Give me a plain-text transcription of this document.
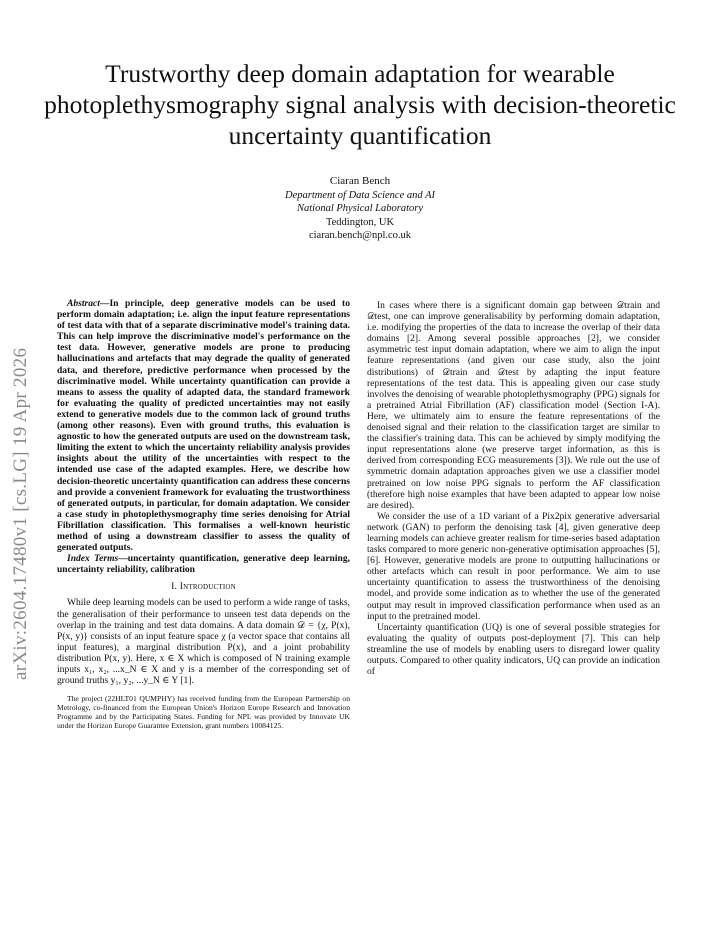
Trustworthy deep domain adaptation for wearable photoplethysmography signal analysis with decision-theoretic uncertainty quantification
Ciaran Bench
Department of Data Science and AI
National Physical Laboratory
Teddington, UK
ciaran.bench@npl.co.uk
arXiv:2604.17480v1 [cs.LG] 19 Apr 2026

Abstract—In principle, deep generative models can be used to perform domain adaptation; i.e. align the input feature representations of test data with that of a separate discriminative model's training data. This can help improve the discriminative model's performance on the test data. However, generative models are prone to producing hallucinations and artefacts that may degrade the quality of generated data, and therefore, predictive performance when processed by the discriminative model. While uncertainty quantification can provide a means to assess the quality of adapted data, the standard framework for evaluating the quality of predicted uncertainties may not easily extend to generative models due to the common lack of ground truths (among other reasons). Even with ground truths, this evaluation is agnostic to how the generated outputs are used on the downstream task, limiting the extent to which the uncertainty reliability analysis provides insights about the utility of the uncertainties with respect to the intended use case of the adapted examples. Here, we describe how decision-theoretic uncertainty quantification can address these concerns and provide a convenient framework for evaluating the trustworthiness of generated outputs, in particular, for domain adaptation. We consider a case study in photoplethysmography time series denoising for Atrial Fibrillation classification. This formalises a well-known heuristic method of using a downstream classifier to assess the quality of generated outputs.

Index Terms—uncertainty quantification, generative deep learning, uncertainty reliability, calibration

I. Introduction

While deep learning models can be used to perform a wide range of tasks, the generalisation of their performance to unseen test data depends on the overlap in the training and test data domains. A data domain 𝒟 = {χ, P(x), P(x, y)} consists of an input feature space χ (a vector space that contains all input features), a marginal distribution P(x), and a joint probability distribution P(x, y). Here, x ∈ X which is composed of N training example inputs x₁, x₂, ...x_N ∈ X and y is a member of the corresponding set of ground truths y₁, y₂, ...y_N ∈ Y [1].

The project (22HLT01 QUMPHY) has received funding from the European Partnership on Metrology, co-financed from the European Union's Horizon Europe Research and Innovation Programme and by the Participating States. Funding for NPL was provided by Innovate UK under the Horizon Europe Guarantee Extension, grant numbers 10084125.

In cases where there is a significant domain gap between 𝒟train and 𝒟test, one can improve generalisability by performing domain adaptation, i.e. modifying the properties of the data to increase the overlap of their data domains [2]. Among several possible approaches [2], we consider asymmetric test input domain adaptation, where we aim to align the input feature representations (and given our case study, also the joint distributions) of 𝒟train and 𝒟test by adapting the input feature representations of the test data. This is appealing given our case study involves the denoising of wearable photoplethysmography (PPG) signals for a pretrained Atrial Fibrillation (AF) classification model (Section I-A). Here, we ultimately aim to ensure the feature representations of the denoised signal and their relation to the classification target are similar to the classifier's training data. This can be achieved by simply modifying the input representations alone (we preserve target information, as this is derived from corresponding ECG measurements [3]). We rule out the use of symmetric domain adaptation approaches given we use a classifier model pretrained on low noise PPG signals to perform the AF classification (therefore high noise examples that have been adapted to appear low noise are desired).

We consider the use of a 1D variant of a Pix2pix generative adversarial network (GAN) to perform the denoising task [4], given generative deep learning models can achieve greater realism for time-series based adaptation tasks compared to more generic non-generative optimisation approaches [5], [6]. However, generative models are prone to outputting hallucinations or other artefacts which can result in poor performance. We aim to use uncertainty quantification to assess the trustworthiness of the denoising model, and provide some indication as to whether the use of the generated output may result in improved classification performance when used as an input to the pretrained model.

Uncertainty quantification (UQ) is one of several possible strategies for evaluating the quality of outputs post-deployment [7]. This can help streamline the use of models by enabling users to disregard lower quality outputs. Compared to other quality indicators, UQ can provide an indication of
